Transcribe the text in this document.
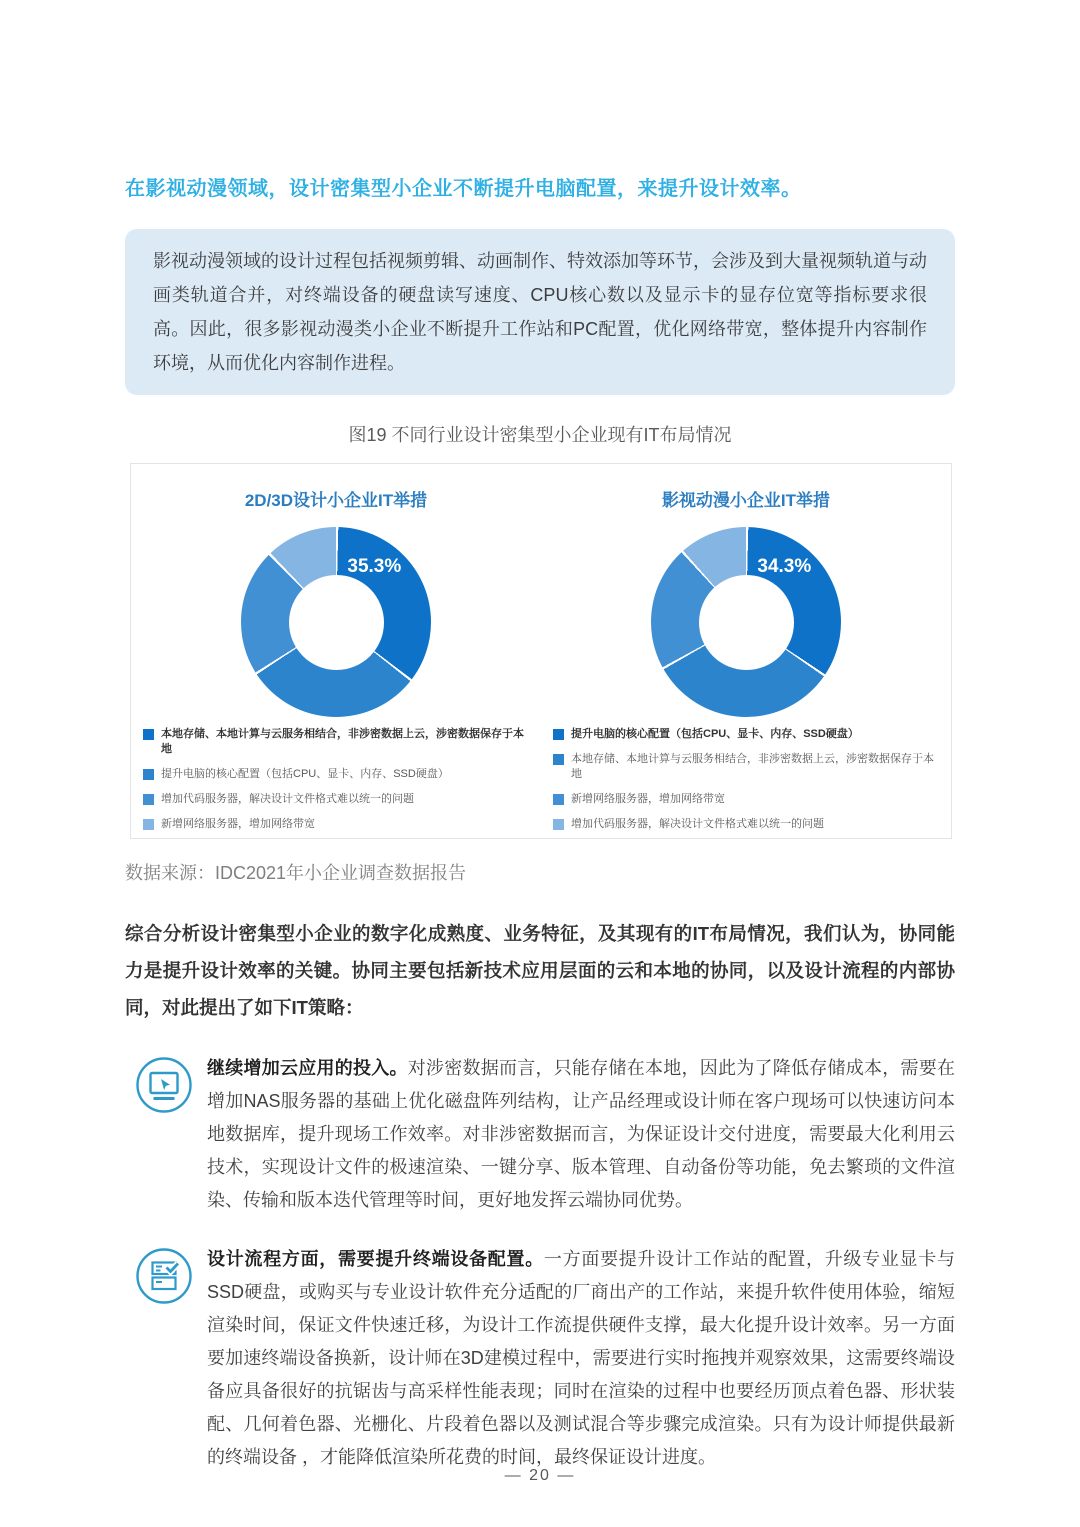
在影视动漫领域，设计密集型小企业不断提升电脑配置，来提升设计效率。

影视动漫领域的设计过程包括视频剪辑、动画制作、特效添加等环节，会涉及到大量视频轨道与动画类轨道合并，对终端设备的硬盘读写速度、CPU核心数以及显示卡的显存位宽等指标要求很高。因此，很多影视动漫类小企业不断提升工作站和PC配置，优化网络带宽，整体提升内容制作环境，从而优化内容制作进程。

图19 不同行业设计密集型小企业现有IT布局情况
2D/3D设计小企业IT举措
35.3%
本地存储、本地计算与云服务相结合，非涉密数据上云，涉密数据保存于本地
提升电脑的核心配置（包括CPU、显卡、内存、SSD硬盘）
增加代码服务器，解决设计文件格式难以统一的问题
新增网络服务器，增加网络带宽
影视动漫小企业IT举措
34.3%
提升电脑的核心配置（包括CPU、显卡、内存、SSD硬盘）
本地存储、本地计算与云服务相结合，非涉密数据上云，涉密数据保存于本地
新增网络服务器，增加网络带宽
增加代码服务器，解决设计文件格式难以统一的问题

数据来源：IDC2021年小企业调查数据报告

综合分析设计密集型小企业的数字化成熟度、业务特征，及其现有的IT布局情况，我们认为，协同能力是提升设计效率的关键。协同主要包括新技术应用层面的云和本地的协同，以及设计流程的内部协同，对此提出了如下IT策略：

继续增加云应用的投入。对涉密数据而言，只能存储在本地，因此为了降低存储成本，需要在增加NAS服务器的基础上优化磁盘阵列结构，让产品经理或设计师在客户现场可以快速访问本地数据库，提升现场工作效率。对非涉密数据而言，为保证设计交付进度，需要最大化利用云技术，实现设计文件的极速渲染、一键分享、版本管理、自动备份等功能，免去繁琐的文件渲染、传输和版本迭代管理等时间，更好地发挥云端协同优势。

设计流程方面，需要提升终端设备配置。一方面要提升设计工作站的配置，升级专业显卡与SSD硬盘，或购买与专业设计软件充分适配的厂商出产的工作站，来提升软件使用体验，缩短渲染时间，保证文件快速迁移，为设计工作流提供硬件支撑，最大化提升设计效率。另一方面要加速终端设备换新，设计师在3D建模过程中，需要进行实时拖拽并观察效果，这需要终端设备应具备很好的抗锯齿与高采样性能表现；同时在渲染的过程中也要经历顶点着色器、形状装配、几何着色器、光栅化、片段着色器以及测试混合等步骤完成渲染。只有为设计师提供最新的终端设备 ，才能降低渲染所花费的时间，最终保证设计进度。

— 20 —
